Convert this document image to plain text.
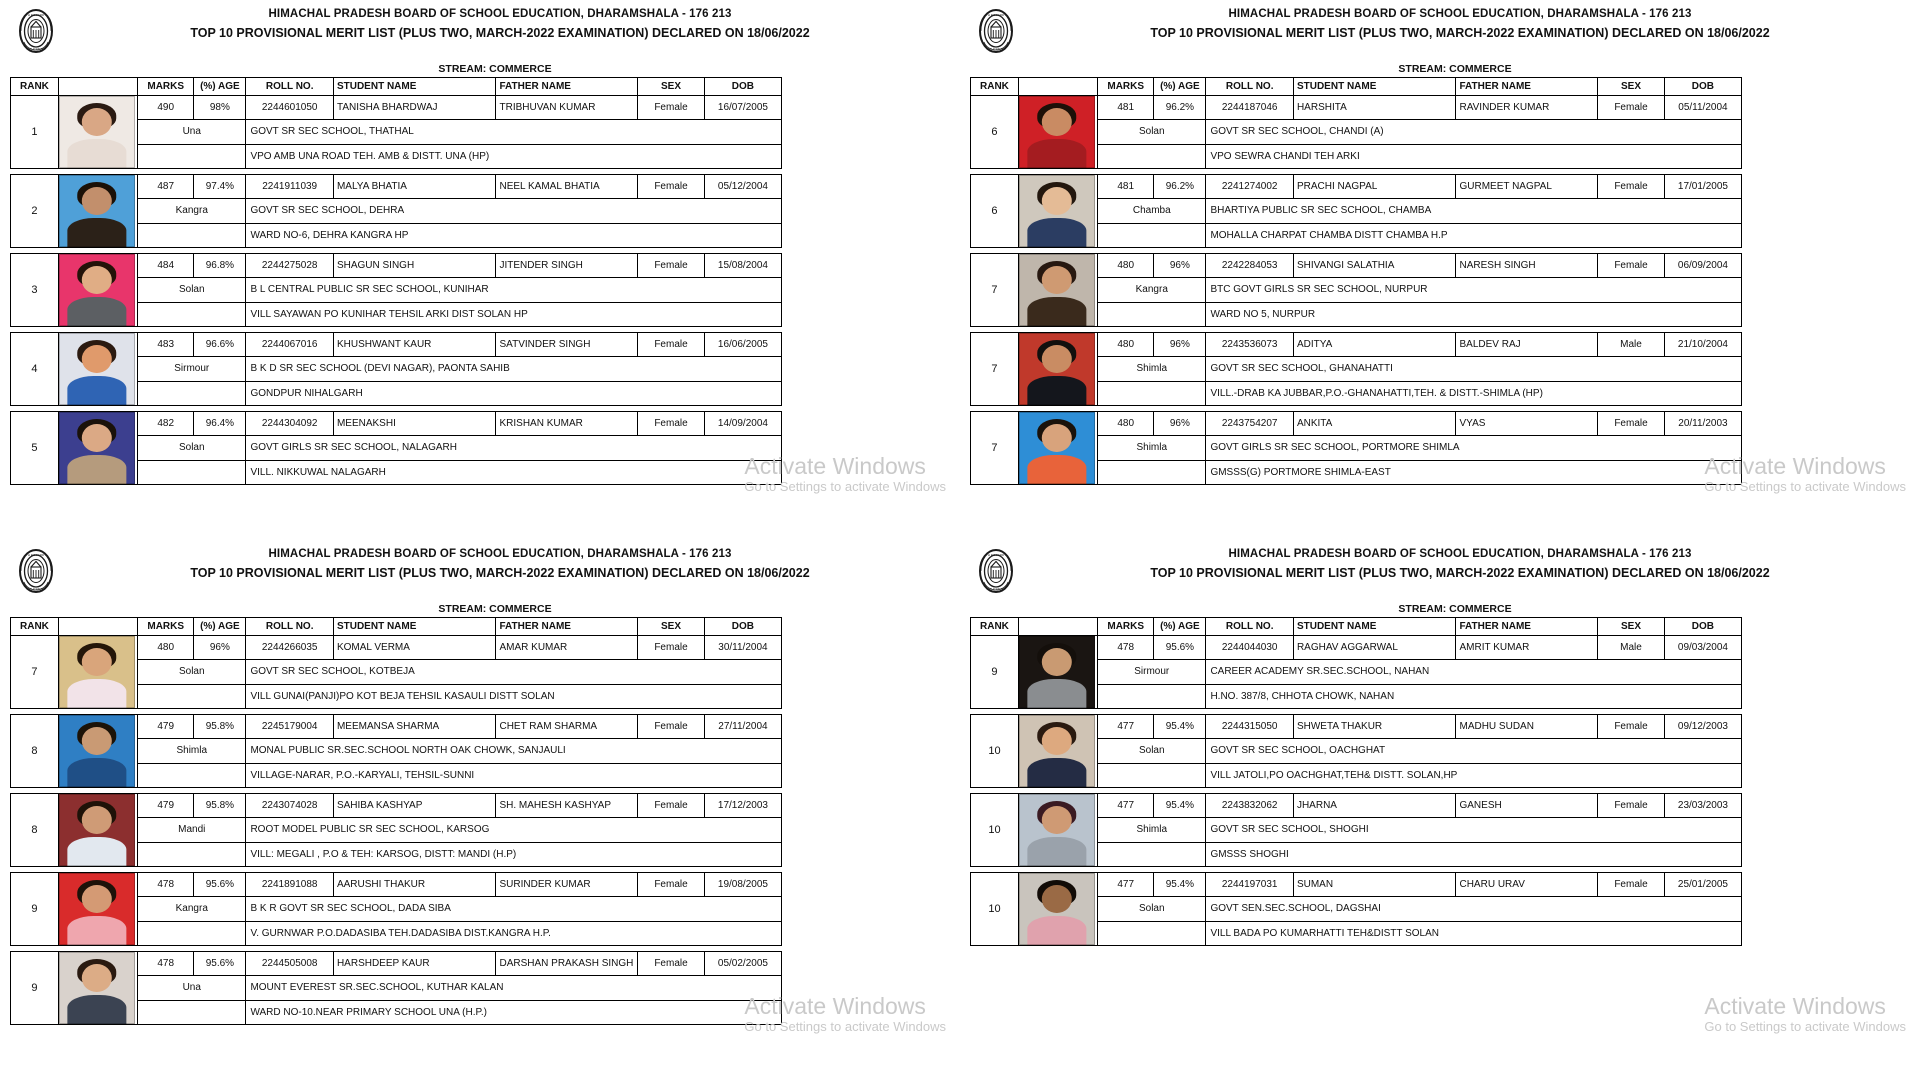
H P BOARD
EDUCATION
HIMACHAL PRADESH BOARD OF SCHOOL EDUCATION, DHARAMSHALA - 176 213
TOP 10 PROVISIONAL MERIT LIST (PLUS TWO, MARCH-2022 EXAMINATION) DECLARED ON 18/06/2022
STREAM: COMMERCE
RANK		MARKS	(%) AGE	ROLL NO.	STUDENT NAME	FATHER NAME	SEX	DOB
1		490	98%	2244601050	TANISHA BHARDWAJ	TRIBHUVAN KUMAR	Female	16/07/2005
		Una		GOVT SR SEC SCHOOL, THATHAL				
				VPO AMB UNA ROAD TEH. AMB & DISTT. UNA (HP)				

2		487	97.4%	2241911039	MALYA BHATIA	NEEL KAMAL BHATIA	Female	05/12/2004
		Kangra		GOVT SR SEC SCHOOL, DEHRA				
				WARD NO-6, DEHRA KANGRA HP				

3		484	96.8%	2244275028	SHAGUN SINGH	JITENDER SINGH	Female	15/08/2004
		Solan		B L CENTRAL PUBLIC SR SEC SCHOOL, KUNIHAR				
				VILL SAYAWAN PO KUNIHAR TEHSIL ARKI DIST SOLAN HP				

4		483	96.6%	2244067016	KHUSHWANT KAUR	SATVINDER SINGH	Female	16/06/2005
		Sirmour		B K D SR SEC SCHOOL (DEVI NAGAR), PAONTA SAHIB				
				GONDPUR NIHALGARH				

5		482	96.4%	2244304092	MEENAKSHI	KRISHAN KUMAR	Female	14/09/2004
		Solan		GOVT GIRLS SR SEC SCHOOL, NALAGARH				
				VILL. NIKKUWAL NALAGARH					Activate Windows
Go to Settings to activate Windows
H P BOARD
EDUCATION
HIMACHAL PRADESH BOARD OF SCHOOL EDUCATION, DHARAMSHALA - 176 213
TOP 10 PROVISIONAL MERIT LIST (PLUS TWO, MARCH-2022 EXAMINATION) DECLARED ON 18/06/2022
STREAM: COMMERCE
RANK		MARKS	(%) AGE	ROLL NO.	STUDENT NAME	FATHER NAME	SEX	DOB
6		481	96.2%	2244187046	HARSHITA	RAVINDER KUMAR	Female	05/11/2004
		Solan		GOVT SR SEC SCHOOL, CHANDI (A)				
				VPO SEWRA CHANDI TEH ARKI				

6		481	96.2%	2241274002	PRACHI NAGPAL	GURMEET NAGPAL	Female	17/01/2005
		Chamba		BHARTIYA PUBLIC SR SEC SCHOOL, CHAMBA				
				MOHALLA CHARPAT CHAMBA DISTT CHAMBA H.P				

7		480	96%	2242284053	SHIVANGI SALATHIA	NARESH SINGH	Female	06/09/2004
		Kangra		BTC GOVT GIRLS SR SEC SCHOOL, NURPUR				
				WARD NO 5, NURPUR				

7		480	96%	2243536073	ADITYA	BALDEV RAJ	Male	21/10/2004
		Shimla		GOVT SR SEC SCHOOL, GHANAHATTI				
				VILL.-DRAB KA JUBBAR,P.O.-GHANAHATTI,TEH. & DISTT.-SHIMLA (HP)				

7		480	96%	2243754207	ANKITA	VYAS	Female	20/11/2003
		Shimla		GOVT GIRLS SR SEC SCHOOL, PORTMORE SHIMLA				
				GMSSS(G) PORTMORE SHIMLA-EAST					Activate Windows
Go to Settings to activate Windows
H P BOARD
EDUCATION
HIMACHAL PRADESH BOARD OF SCHOOL EDUCATION, DHARAMSHALA - 176 213
TOP 10 PROVISIONAL MERIT LIST (PLUS TWO, MARCH-2022 EXAMINATION) DECLARED ON 18/06/2022
STREAM: COMMERCE
RANK		MARKS	(%) AGE	ROLL NO.	STUDENT NAME	FATHER NAME	SEX	DOB
7		480	96%	2244266035	KOMAL VERMA	AMAR KUMAR	Female	30/11/2004
		Solan		GOVT SR SEC SCHOOL, KOTBEJA				
				VILL GUNAI(PANJI)PO KOT BEJA TEHSIL KASAULI DISTT SOLAN				

8		479	95.8%	2245179004	MEEMANSA SHARMA	CHET RAM SHARMA	Female	27/11/2004
		Shimla		MONAL PUBLIC SR.SEC.SCHOOL NORTH OAK CHOWK, SANJAULI				
				VILLAGE-NARAR, P.O.-KARYALI, TEHSIL-SUNNI				

8		479	95.8%	2243074028	SAHIBA KASHYAP	SH. MAHESH KASHYAP	Female	17/12/2003
		Mandi		ROOT MODEL PUBLIC SR SEC SCHOOL, KARSOG				
				VILL: MEGALI , P.O & TEH: KARSOG, DISTT: MANDI (H.P)				

9		478	95.6%	2241891088	AARUSHI THAKUR	SURINDER KUMAR	Female	19/08/2005
		Kangra		B K R GOVT SR SEC SCHOOL, DADA SIBA				
				V. GURNWAR P.O.DADASIBA TEH.DADASIBA DIST.KANGRA H.P.				

9		478	95.6%	2244505008	HARSHDEEP KAUR	DARSHAN PRAKASH SINGH	Female	05/02/2005
		Una		MOUNT EVEREST SR.SEC.SCHOOL, KUTHAR KALAN				
				WARD NO-10.NEAR PRIMARY SCHOOL UNA (H.P.)					Activate Windows
Go to Settings to activate Windows
H P BOARD
EDUCATION
HIMACHAL PRADESH BOARD OF SCHOOL EDUCATION, DHARAMSHALA - 176 213
TOP 10 PROVISIONAL MERIT LIST (PLUS TWO, MARCH-2022 EXAMINATION) DECLARED ON 18/06/2022
STREAM: COMMERCE
RANK		MARKS	(%) AGE	ROLL NO.	STUDENT NAME	FATHER NAME	SEX	DOB
9		478	95.6%	2244044030	RAGHAV AGGARWAL	AMRIT KUMAR	Male	09/03/2004
		Sirmour		CAREER ACADEMY SR.SEC.SCHOOL, NAHAN				
				H.NO. 387/8, CHHOTA CHOWK, NAHAN				

10		477	95.4%	2244315050	SHWETA THAKUR	MADHU SUDAN	Female	09/12/2003
		Solan		GOVT SR SEC SCHOOL, OACHGHAT				
				VILL JATOLI,PO OACHGHAT,TEH& DISTT. SOLAN,HP				

10		477	95.4%	2243832062	JHARNA	GANESH	Female	23/03/2003
		Shimla		GOVT SR SEC SCHOOL, SHOGHI				
				GMSSS SHOGHI				

10		477	95.4%	2244197031	SUMAN	CHARU URAV	Female	25/01/2005
		Solan		GOVT SEN.SEC.SCHOOL, DAGSHAI				
				VILL BADA PO KUMARHATTI TEH&DISTT SOLAN				
Activate Windows
Go to Settings to activate Windows
